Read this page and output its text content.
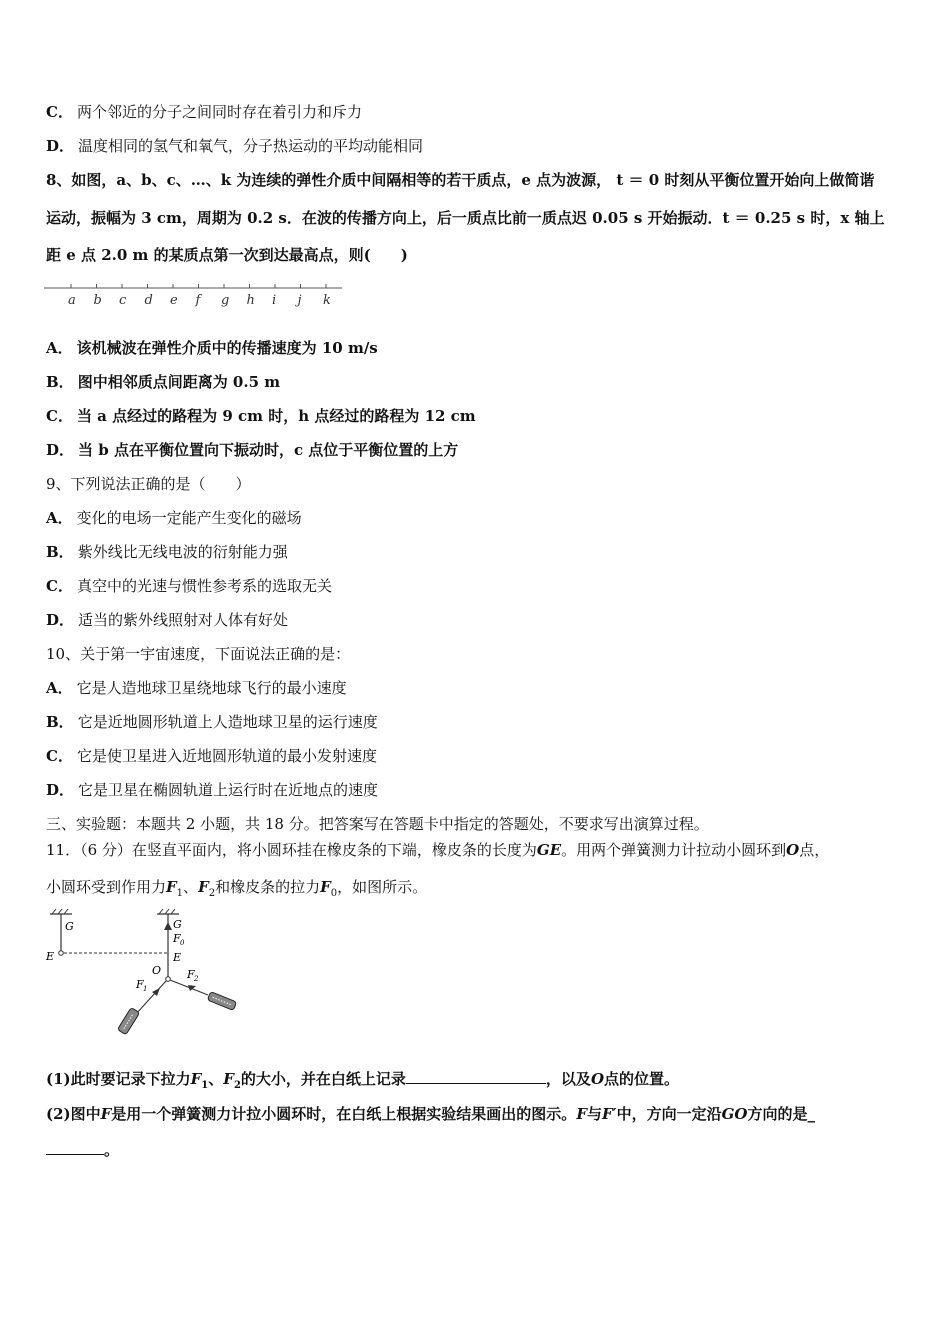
C． 两个邻近的分子之间同时存在着引力和斥力
D． 温度相同的氢气和氧气，分子热运动的平均动能相同
8、如图，a、b、c、…、k 为连续的弹性介质中间隔相等的若干质点，e 点为波源， t ＝ 0 时刻从平衡位置开始向上做简谐
运动，振幅为 3 cm，周期为 0.2 s．在波的传播方向上，后一质点比前一质点迟 0.05 s 开始振动．t ＝ 0.25 s 时，x 轴上
距 e 点 2.0 m 的某质点第一次到达最高点，则(　　)
a b c d e f g h i j k
A． 该机械波在弹性介质中的传播速度为 10 m/s
B． 图中相邻质点间距离为 0.5 m
C． 当 a 点经过的路程为 9 cm 时，h 点经过的路程为 12 cm
D． 当 b 点在平衡位置向下振动时，c 点位于平衡位置的上方
9、下列说法正确的是（　　）
A． 变化的电场一定能产生变化的磁场
B． 紫外线比无线电波的衍射能力强
C． 真空中的光速与惯性参考系的选取无关
D． 适当的紫外线照射对人体有好处
10、关于第一宇宙速度，下面说法正确的是：
A． 它是人造地球卫星绕地球飞行的最小速度
B． 它是近地圆形轨道上人造地球卫星的运行速度
C． 它是使卫星进入近地圆形轨道的最小发射速度
D． 它是卫星在椭圆轨道上运行时在近地点的速度
三、实验题：本题共 2 小题，共 18 分。把答案写在答题卡中指定的答题处，不要求写出演算过程。
11．（6 分）在竖直平面内，将小圆环挂在橡皮条的下端，橡皮条的长度为GE。用两个弹簧测力计拉动小圆环到O点，
小圆环受到作用力$F_1$、$F_2$和橡皮条的拉力$F_0$，如图所示。
G
E
G
F 0
E
O
F 1
F 2
(1)此时要记录下拉力$F_1$、$F_2$的大小，并在白纸上记录	，以及O点的位置。
(2)图中F是用一个弹簧测力计拉小圆环时，在白纸上根据实验结果画出的图示。F与F′中，方向一定沿GO方向的是_
。
